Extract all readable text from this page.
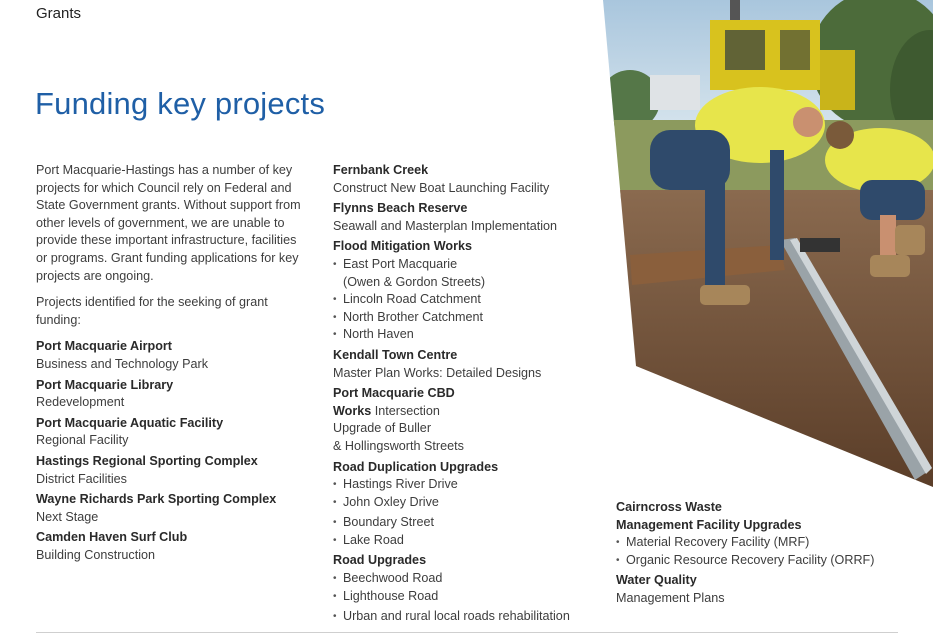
Grants
Funding key projects

Port Macquarie-Hastings has a number of key projects for which Council rely on Federal and State Government grants. Without support from other levels of government, we are unable to provide these important infrastructure, facilities or programs. Grant funding applications for key projects are ongoing.

Projects identified for the seeking of grant funding:

Port Macquarie Airport
Business and Technology Park
Port Macquarie Library
Redevelopment
Port Macquarie Aquatic Facility
Regional Facility
Hastings Regional Sporting Complex
District Facilities
Wayne Richards Park Sporting Complex
Next Stage
Camden Haven Surf Club
Building Construction
Fernbank Creek
Construct New Boat Launching Facility
Flynns Beach Reserve
Seawall and Masterplan Implementation
Flood Mitigation Works
• East Port Macquarie
(Owen & Gordon Streets)
• Lincoln Road Catchment
• North Brother Catchment
• North Haven
Kendall Town Centre
Master Plan Works: Detailed Designs
Port Macquarie CBD
Works Intersection
Upgrade of Buller
& Hollingsworth Streets
Road Duplication Upgrades
• Hastings River Drive
• John Oxley Drive
• Boundary Street
• Lake Road
Road Upgrades
• Beechwood Road
• Lighthouse Road
• Urban and rural local roads rehabilitation
Cairncross Waste
Management Facility Upgrades
• Material Recovery Facility (MRF)
• Organic Resource Recovery Facility (ORRF)
Water Quality
Management Plans
